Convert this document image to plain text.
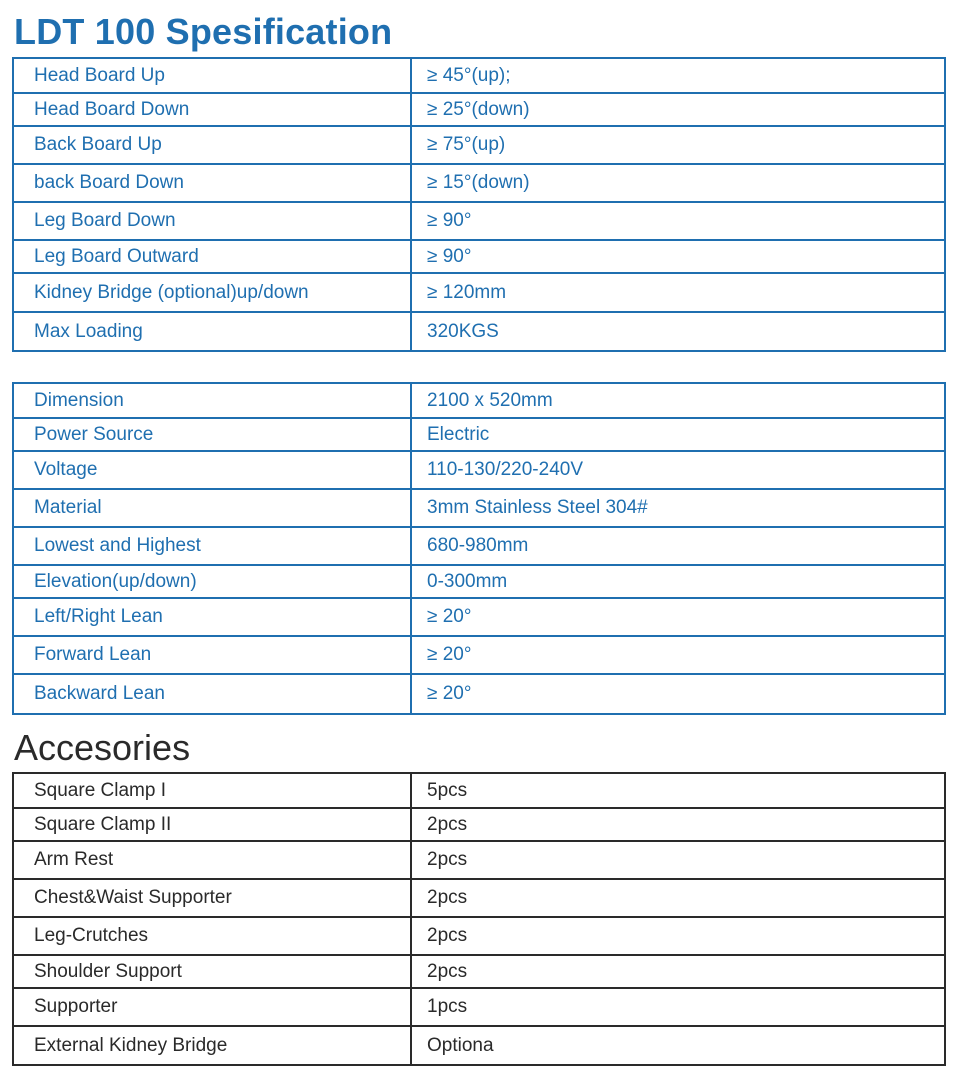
LDT 100 Spesification
Head Board Up	≥ 45°(up);
Head Board Down	≥ 25°(down)
Back Board Up	≥ 75°(up)
back Board Down	≥ 15°(down)
Leg Board Down	≥ 90°
Leg Board Outward	≥ 90°
Kidney Bridge (optional)up/down	≥ 120mm
Max Loading	320KGS
Dimension	2100 x 520mm
Power Source	Electric
Voltage	110-130/220-240V
Material	3mm Stainless Steel 304#
Lowest and Highest	680-980mm
Elevation(up/down)	0-300mm
Left/Right Lean	≥ 20°
Forward Lean	≥ 20°
Backward Lean	≥ 20°
Accesories
Square Clamp I	5pcs
Square Clamp II	2pcs
Arm Rest	2pcs
Chest&Waist Supporter	2pcs
Leg-Crutches	2pcs
Shoulder Support	2pcs
Supporter	1pcs
External Kidney Bridge	Optiona
